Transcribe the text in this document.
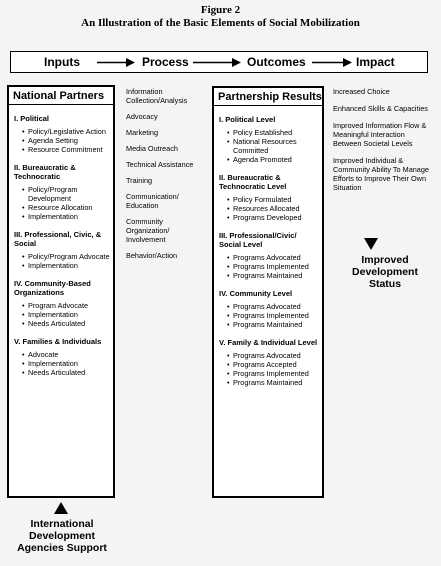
Figure 2
An Illustration of the Basic Elements of Social Mobilization
Inputs	Process	Outcomes	Impact
National Partners
I. Political
• Policy/Legislative Action
• Agenda Setting
• Resource Commitment
II. Bureaucratic & Technocratic
• Policy/Program Development
• Resource Allocation
• Implementation
III. Professional, Civic, & Social
• Policy/Program Advocate
• Implementation
IV. Community-Based Organizations
• Program Advocate
• Implementation
• Needs Articulated
V. Families & Individuals
• Advocate
• Implementation
• Needs Articulated
Information Collection/Analysis
Advocacy
Marketing
Media Outreach
Technical Assistance
Training
Communication/ Education
Community Organization/ Involvement
Behavior/Action
Partnership Results
I. Political Level
• Policy Established
• National Resources Committed
• Agenda Promoted
II. Bureaucratic & Technocratic Level
• Policy Formulated
• Resources Allocated
• Programs Developed
III. Professional/Civic/ Social Level
• Programs Advocated
• Programs Implemented
• Programs Maintained
IV. Community Level
• Programs Advocated
• Programs Implemented
• Programs Maintained
V. Family & Individual Level
• Programs Advocated
• Programs Accepted
• Programs Implemented
• Programs Maintained
Increased Choice
Enhanced Skills & Capacities
Improved Information Flow & Meaningful Interaction Between Societal Levels
Improved Individual & Community Ability To Manage Efforts to Improve Their Own Situation
Improved Development Status
International Development Agencies Support
